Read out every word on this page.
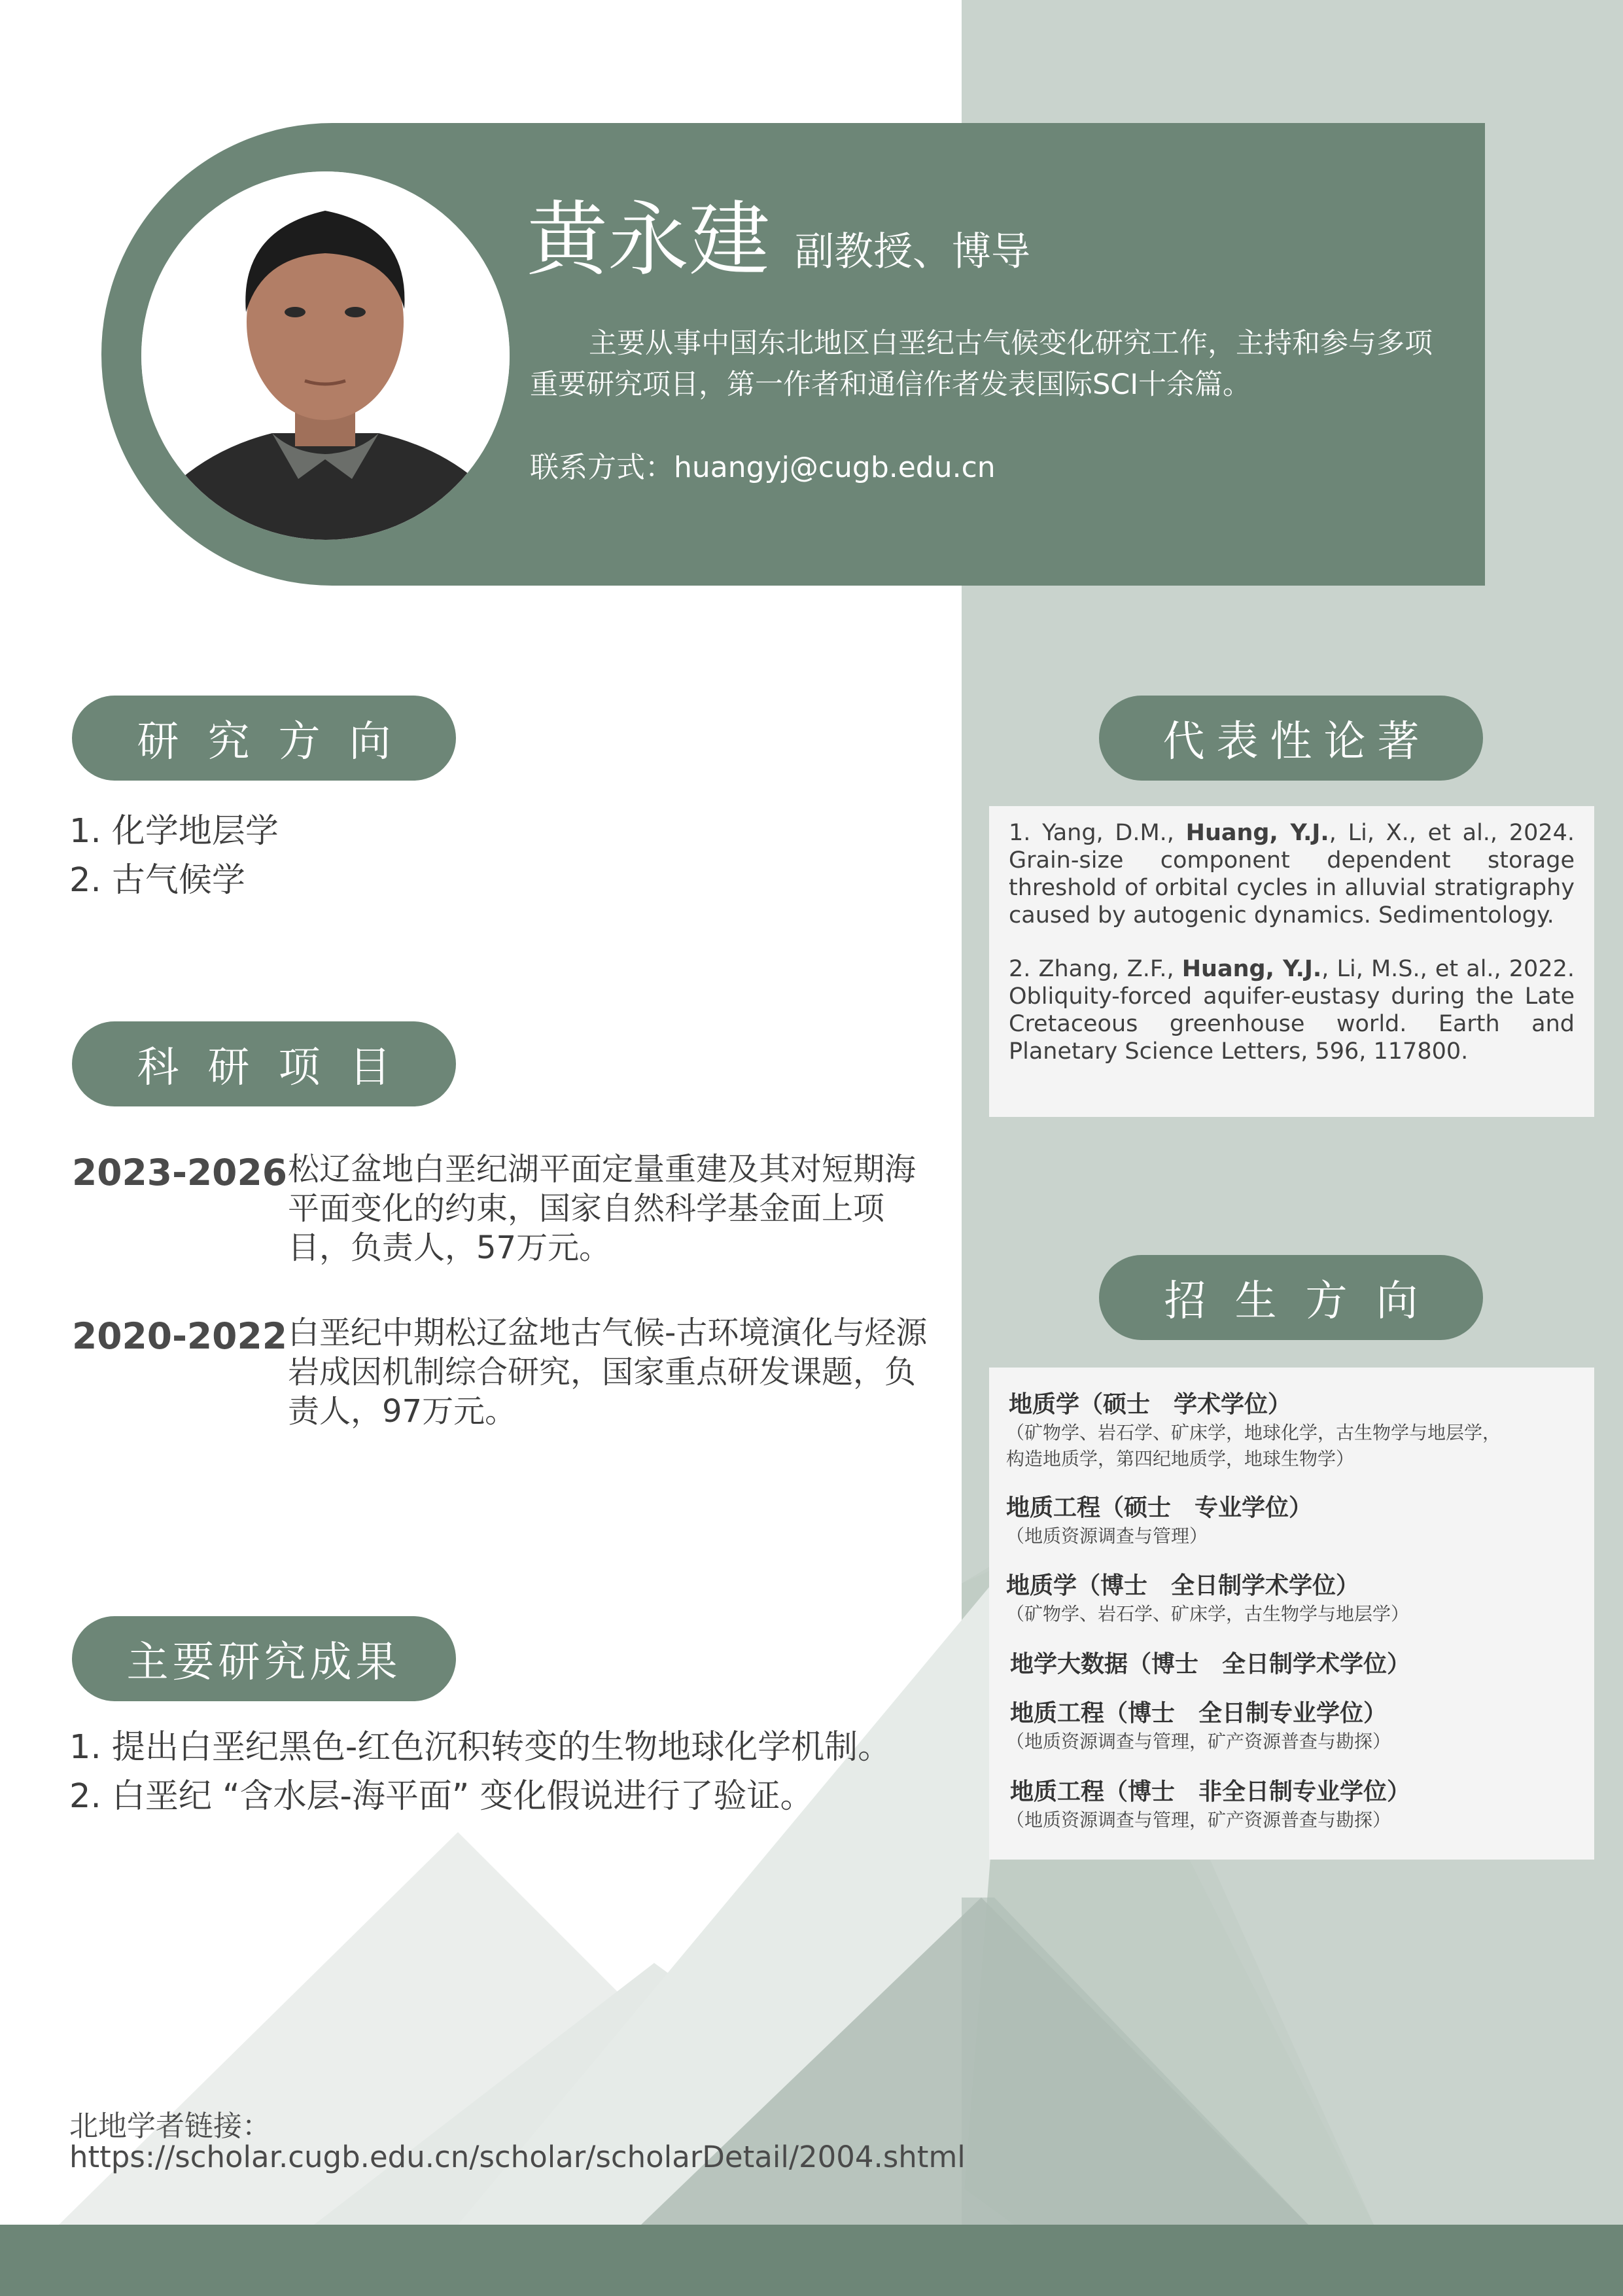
黄永建 副教授、博导
主要从事中国东北地区白垩纪古气候变化研究工作，主持和参与多项重要研究项目，第一作者和通信作者发表国际SCI十余篇。
联系方式：huangyj@cugb.edu.cn
研究方向
1. 化学地层学
2. 古气候学
科研项目
2023-2026 松辽盆地白垩纪湖平面定量重建及其对短期海平面变化的约束，国家自然科学基金面上项目，负责人，57万元。
2020-2022 白垩纪中期松辽盆地古气候-古环境演化与烃源岩成因机制综合研究，国家重点研发课题，负责人，97万元。
主要研究成果
1. 提出白垩纪黑色-红色沉积转变的生物地球化学机制。
2. 白垩纪 “含水层-海平面” 变化假说进行了验证。
代表性论著
1. Yang, D.M., Huang, Y.J., Li, X., et al., 2024. Grain-size component dependent storage threshold of orbital cycles in alluvial stratigraphy caused by autogenic dynamics. Sedimentology.
2. Zhang, Z.F., Huang, Y.J., Li, M.S., et al., 2022. Obliquity-forced aquifer-eustasy during the Late Cretaceous greenhouse world. Earth and Planetary Science Letters, 596, 117800.
招生方向
地质学（硕士　学术学位）
（矿物学、岩石学、矿床学，地球化学，古生物学与地层学，
构造地质学，第四纪地质学，地球生物学）
地质工程（硕士　专业学位）
（地质资源调查与管理）
地质学（博士　全日制学术学位）
（矿物学、岩石学、矿床学，古生物学与地层学）
地学大数据（博士　全日制学术学位）
地质工程（博士　全日制专业学位）
（地质资源调查与管理，矿产资源普查与勘探）
地质工程（博士　非全日制专业学位）
（地质资源调查与管理，矿产资源普查与勘探）
北地学者链接：
https://scholar.cugb.edu.cn/scholar/scholarDetail/2004.shtml
